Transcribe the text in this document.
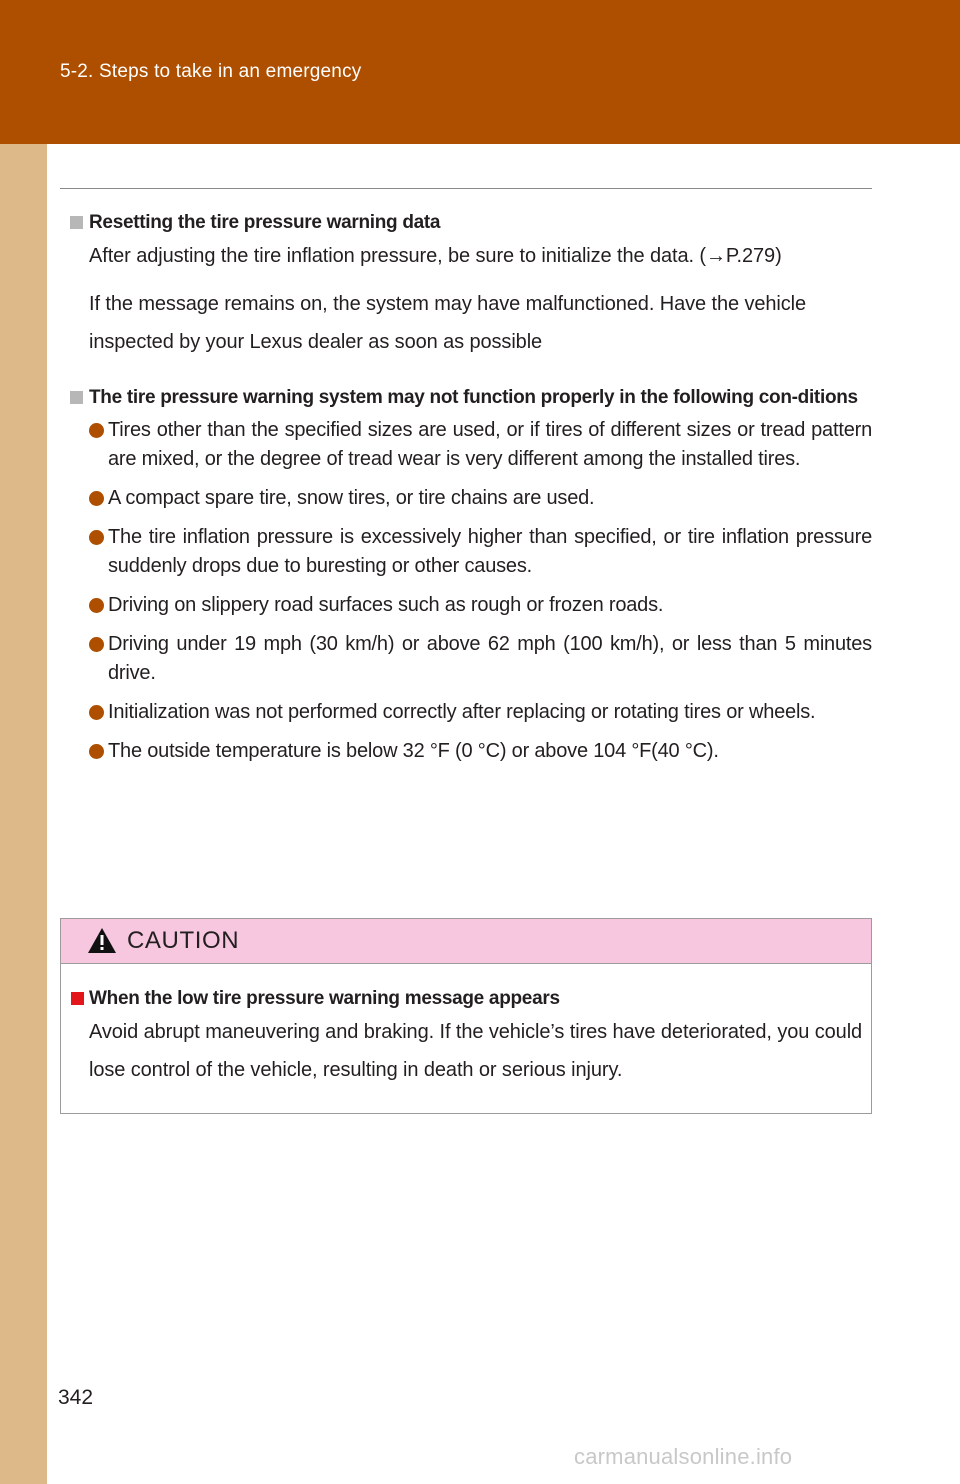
5-2. Steps to take in an emergency
Resetting the tire pressure warning data
After adjusting the tire inflation pressure, be sure to initialize the data. (→P.279)
If the message remains on, the system may have malfunctioned. Have the vehicle inspected by your Lexus dealer as soon as possible
The tire pressure warning system may not function properly in the following con-ditions
Tires other than the specified sizes are used, or if tires of different sizes or tread pattern are mixed, or the degree of tread wear is very different among the installed tires.
A compact spare tire, snow tires, or tire chains are used.
The tire inflation pressure is excessively higher than specified, or tire inflation pressure suddenly drops due to buresting or other causes.
Driving on slippery road surfaces such as rough or frozen roads.
Driving under 19 mph (30 km/h) or above 62 mph (100 km/h), or less than 5 minutes drive.
Initialization was not performed correctly after replacing or rotating tires or wheels.
The outside temperature is below 32 °F (0 °C) or above 104 °F(40 °C).
CAUTION
When the low tire pressure warning message appears
Avoid abrupt maneuvering and braking. If the vehicle’s tires have deteriorated, you could lose control of the vehicle, resulting in death or serious injury.
342
carmanualsonline.info
